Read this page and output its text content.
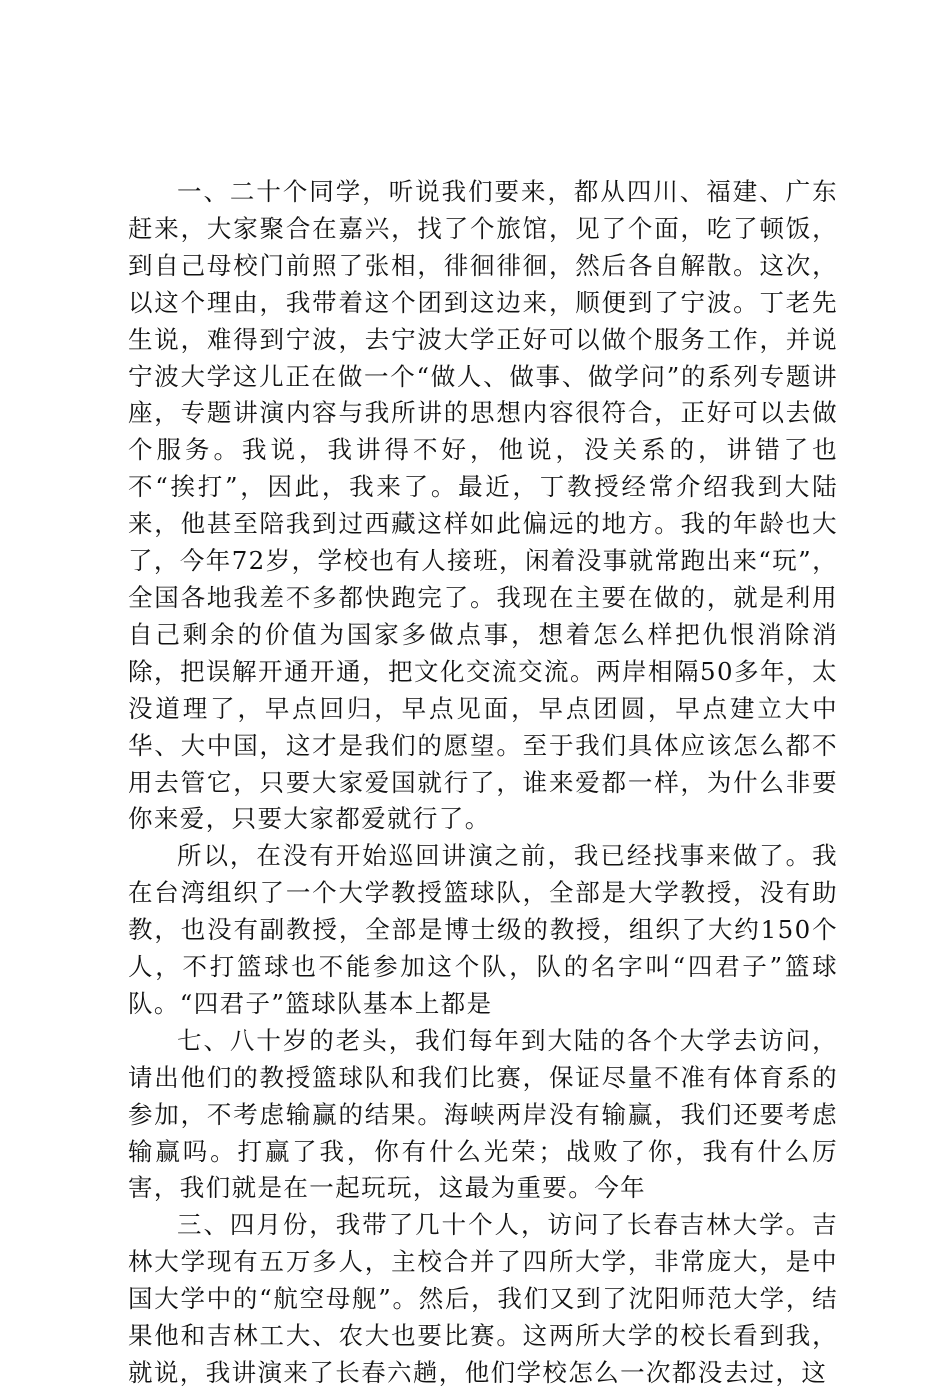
一、二十个同学，听说我们要来，都从四川、福建、广东赶来，大家聚合在嘉兴，找了个旅馆，见了个面，吃了顿饭，到自己母校门前照了张相，徘徊徘徊，然后各自解散。这次，以这个理由，我带着这个团到这边来，顺便到了宁波。丁老先生说，难得到宁波，去宁波大学正好可以做个服务工作，并说宁波大学这儿正在做一个“做人、做事、做学问”的系列专题讲座，专题讲演内容与我所讲的思想内容很符合，正好可以去做个服务。我说，我讲得不好，他说，没关系的，讲错了也不“挨打”，因此，我来了。最近，丁教授经常介绍我到大陆来，他甚至陪我到过西藏这样如此偏远的地方。我的年龄也大了，今年72岁，学校也有人接班，闲着没事就常跑出来“玩”，全国各地我差不多都快跑完了。我现在主要在做的，就是利用自己剩余的价值为国家多做点事，想着怎么样把仇恨消除消除，把误解开通开通，把文化交流交流。两岸相隔50多年，太没道理了，早点回归，早点见面，早点团圆，早点建立大中华、大中国，这才是我们的愿望。至于我们具体应该怎么都不用去管它，只要大家爱国就行了，谁来爱都一样，为什么非要你来爱，只要大家都爱就行了。

所以，在没有开始巡回讲演之前，我已经找事来做了。我在台湾组织了一个大学教授篮球队，全部是大学教授，没有助教，也没有副教授，全部是博士级的教授，组织了大约150个人，不打篮球也不能参加这个队，队的名字叫“四君子”篮球队。“四君子”篮球队基本上都是

七、八十岁的老头，我们每年到大陆的各个大学去访问，请出他们的教授篮球队和我们比赛，保证尽量不准有体育系的参加，不考虑输赢的结果。海峡两岸没有输赢，我们还要考虑输赢吗。打赢了我，你有什么光荣；战败了你，我有什么厉害，我们就是在一起玩玩，这最为重要。今年

三、四月份，我带了几十个人，访问了长春吉林大学。吉林大学现有五万多人，主校合并了四所大学，非常庞大，是中国大学中的“航空母舰”。然后，我们又到了沈阳师范大学，结果他和吉林工大、农大也要比赛。这两所大学的校长看到我，就说，我讲演来了长春六趟，他们学校怎么一次都没去过，这
